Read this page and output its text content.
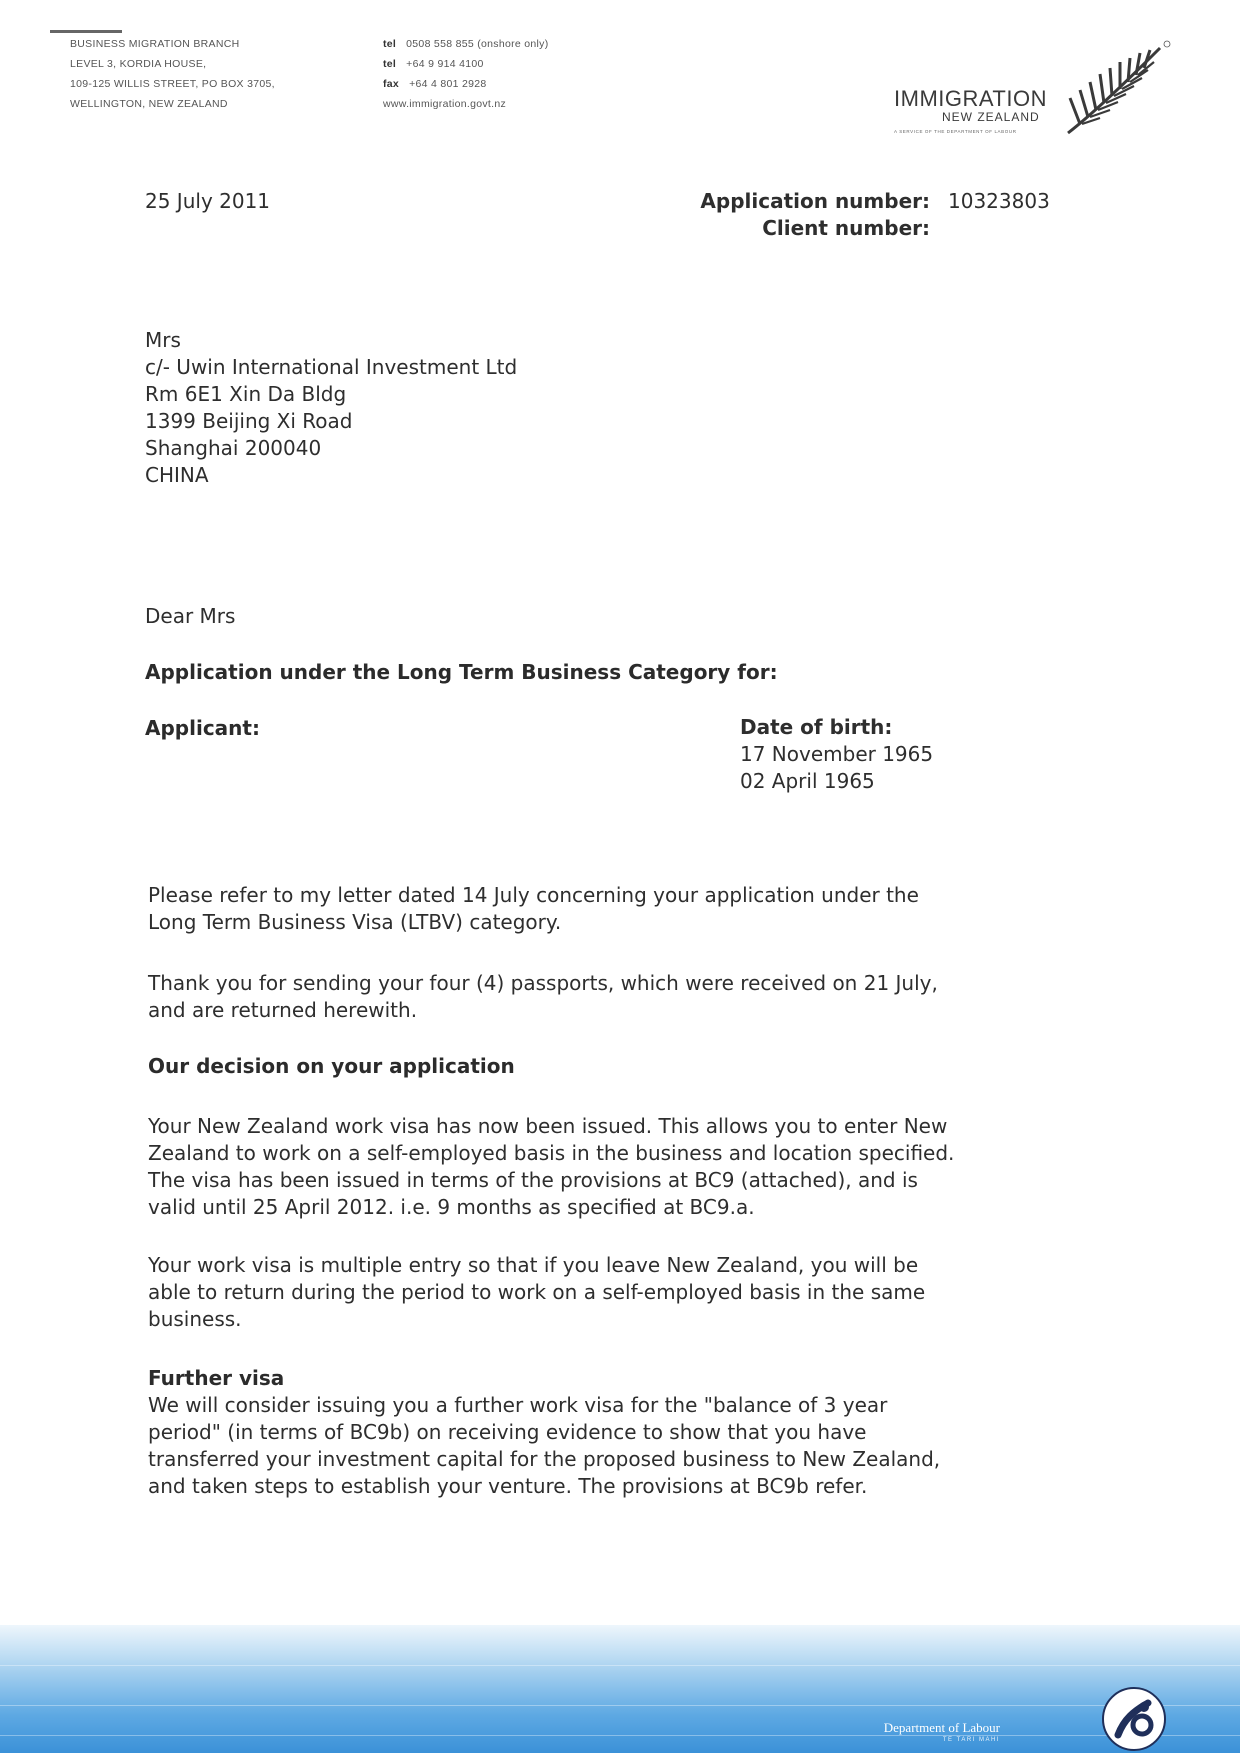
BUSINESS MIGRATION BRANCH
LEVEL 3, KORDIA HOUSE,
109-125 WILLIS STREET, PO BOX 3705,
WELLINGTON, NEW ZEALAND
tel 0508 558 855 (onshore only)
tel +64 9 914 4100
fax +64 4 801 2928
www.immigration.govt.nz	IMMIGRATION
NEW ZEALAND
A SERVICE OF THE DEPARTMENT OF LABOUR
25 July 2011	Application number: 10323803
Client number:
Mrs
c/- Uwin International Investment Ltd
Rm 6E1 Xin Da Bldg
1399 Beijing Xi Road
Shanghai 200040
CHINA
Dear Mrs
Application under the Long Term Business Category for:
Applicant:	Date of birth:
17 November 1965
02 April 1965
Please refer to my letter dated 14 July concerning your application under the
Long Term Business Visa (LTBV) category.
Thank you for sending your four (4) passports, which were received on 21 July,
and are returned herewith.
Our decision on your application
Your New Zealand work visa has now been issued. This allows you to enter New
Zealand to work on a self-employed basis in the business and location specified.
The visa has been issued in terms of the provisions at BC9 (attached), and is
valid until 25 April 2012. i.e. 9 months as specified at BC9.a.
Your work visa is multiple entry so that if you leave New Zealand, you will be
able to return during the period to work on a self-employed basis in the same
business.
Further visa
We will consider issuing you a further work visa for the "balance of 3 year
period" (in terms of BC9b) on receiving evidence to show that you have
transferred your investment capital for the proposed business to New Zealand,
and taken steps to establish your venture. The provisions at BC9b refer.
Department of Labour
TE TARI MAHI
